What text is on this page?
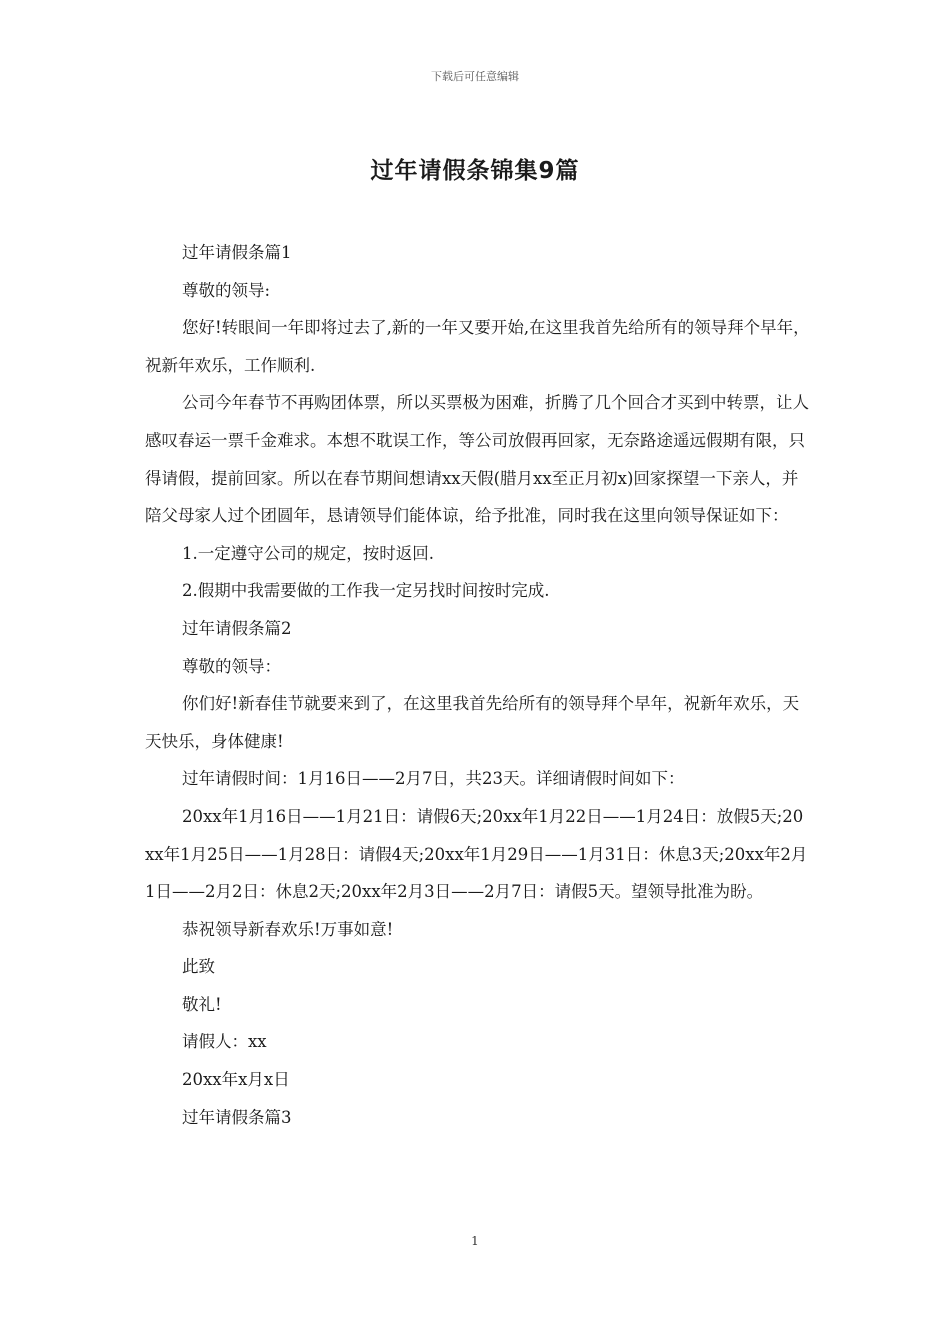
下载后可任意编辑
过年请假条锦集9篇

过年请假条篇1

尊敬的领导:

您好!转眼间一年即将过去了,新的一年又要开始,在这里我首先给所有的领导拜个早年，祝新年欢乐，工作顺利.

公司今年春节不再购团体票，所以买票极为困难，折腾了几个回合才买到中转票，让人感叹春运一票千金难求。本想不耽误工作，等公司放假再回家，无奈路途遥远假期有限，只得请假，提前回家。所以在春节期间想请xx天假(腊月xx至正月初x)回家探望一下亲人，并陪父母家人过个团圆年，恳请领导们能体谅，给予批准，同时我在这里向领导保证如下：

1.一定遵守公司的规定，按时返回.

2.假期中我需要做的工作我一定另找时间按时完成.

过年请假条篇2

尊敬的领导：

你们好!新春佳节就要来到了，在这里我首先给所有的领导拜个早年，祝新年欢乐，天天快乐，身体健康!

过年请假时间：1月16日——2月7日，共23天。详细请假时间如下：

20xx年1月16日——1月21日：请假6天;20xx年1月22日——1月24日：放假5天;20xx年1月25日——1月28日：请假4天;20xx年1月29日——1月31日：休息3天;20xx年2月1日——2月2日：休息2天;20xx年2月3日——2月7日：请假5天。望领导批准为盼。

恭祝领导新春欢乐!万事如意!

此致

敬礼!

请假人：xx

20xx年x月x日

过年请假条篇3

1
